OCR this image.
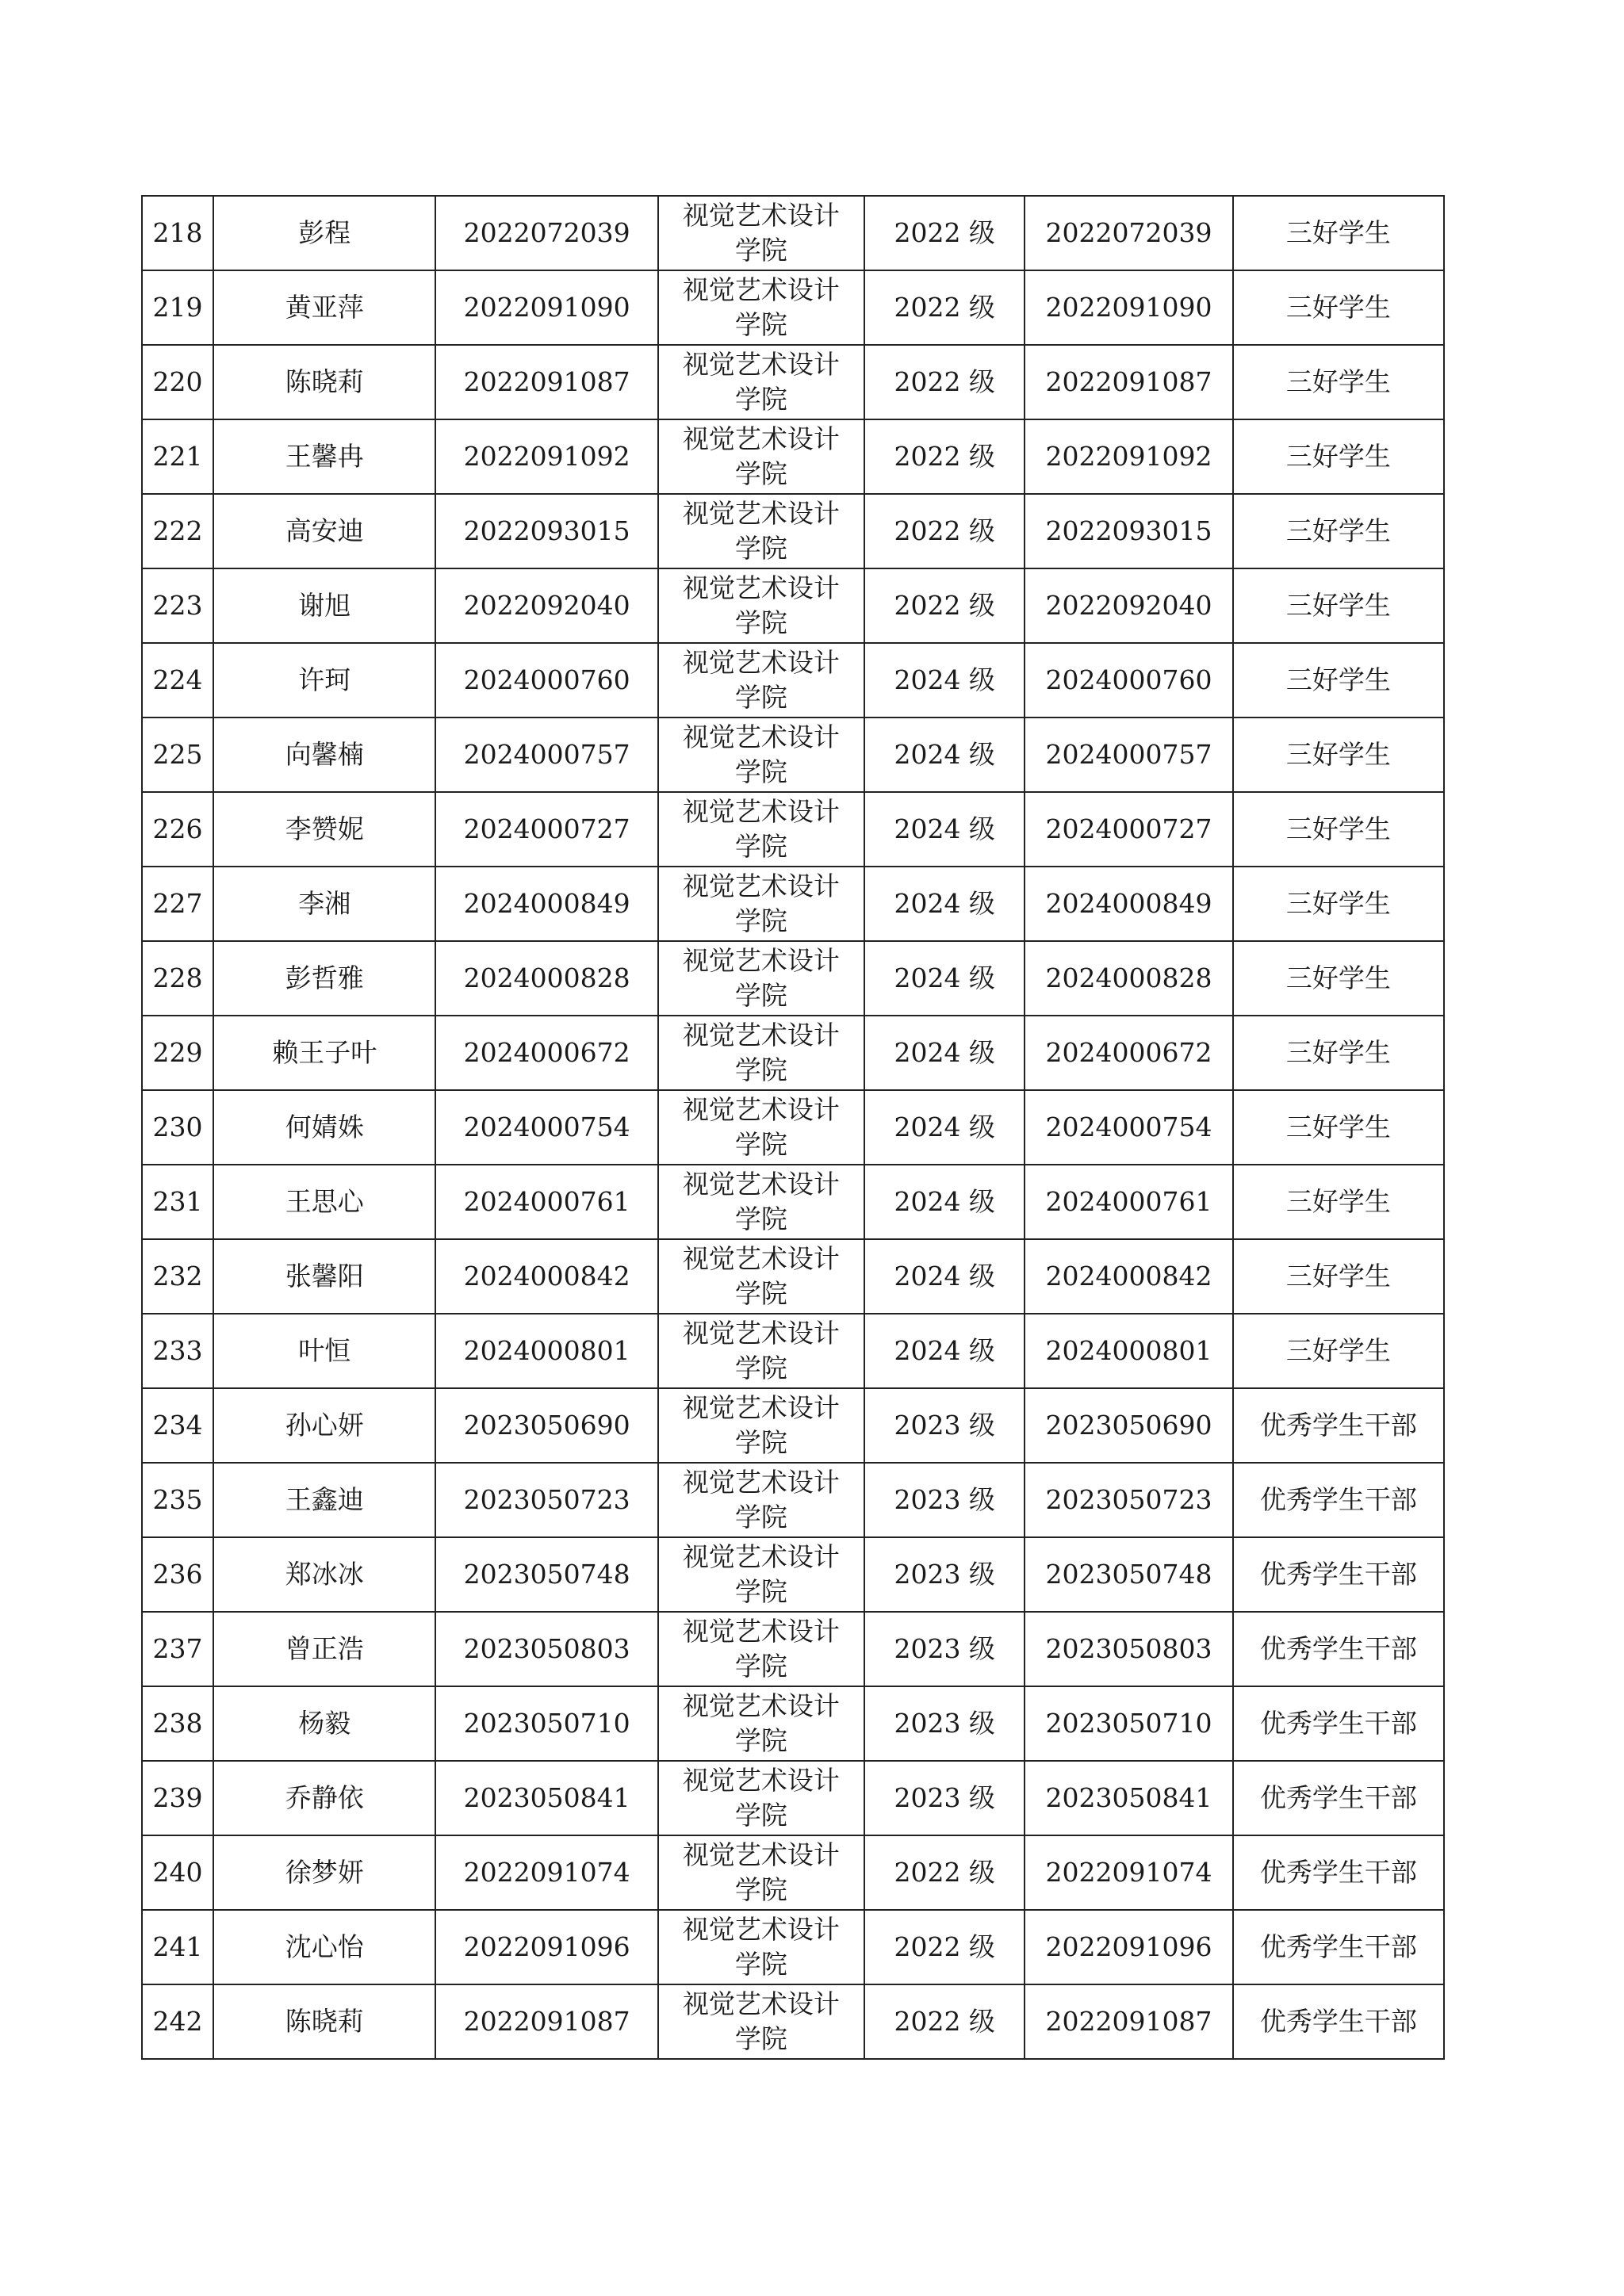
218	彭程	2022072039	视觉艺术设计学院	2022 级	2022072039	三好学生
219	黄亚萍	2022091090	视觉艺术设计学院	2022 级	2022091090	三好学生
220	陈晓莉	2022091087	视觉艺术设计学院	2022 级	2022091087	三好学生
221	王馨冉	2022091092	视觉艺术设计学院	2022 级	2022091092	三好学生
222	高安迪	2022093015	视觉艺术设计学院	2022 级	2022093015	三好学生
223	谢旭	2022092040	视觉艺术设计学院	2022 级	2022092040	三好学生
224	许珂	2024000760	视觉艺术设计学院	2024 级	2024000760	三好学生
225	向馨楠	2024000757	视觉艺术设计学院	2024 级	2024000757	三好学生
226	李赞妮	2024000727	视觉艺术设计学院	2024 级	2024000727	三好学生
227	李湘	2024000849	视觉艺术设计学院	2024 级	2024000849	三好学生
228	彭哲雅	2024000828	视觉艺术设计学院	2024 级	2024000828	三好学生
229	赖王子叶	2024000672	视觉艺术设计学院	2024 级	2024000672	三好学生
230	何婧姝	2024000754	视觉艺术设计学院	2024 级	2024000754	三好学生
231	王思心	2024000761	视觉艺术设计学院	2024 级	2024000761	三好学生
232	张馨阳	2024000842	视觉艺术设计学院	2024 级	2024000842	三好学生
233	叶恒	2024000801	视觉艺术设计学院	2024 级	2024000801	三好学生
234	孙心妍	2023050690	视觉艺术设计学院	2023 级	2023050690	优秀学生干部
235	王鑫迪	2023050723	视觉艺术设计学院	2023 级	2023050723	优秀学生干部
236	郑冰冰	2023050748	视觉艺术设计学院	2023 级	2023050748	优秀学生干部
237	曾正浩	2023050803	视觉艺术设计学院	2023 级	2023050803	优秀学生干部
238	杨毅	2023050710	视觉艺术设计学院	2023 级	2023050710	优秀学生干部
239	乔静依	2023050841	视觉艺术设计学院	2023 级	2023050841	优秀学生干部
240	徐梦妍	2022091074	视觉艺术设计学院	2022 级	2022091074	优秀学生干部
241	沈心怡	2022091096	视觉艺术设计学院	2022 级	2022091096	优秀学生干部
242	陈晓莉	2022091087	视觉艺术设计学院	2022 级	2022091087	优秀学生干部
